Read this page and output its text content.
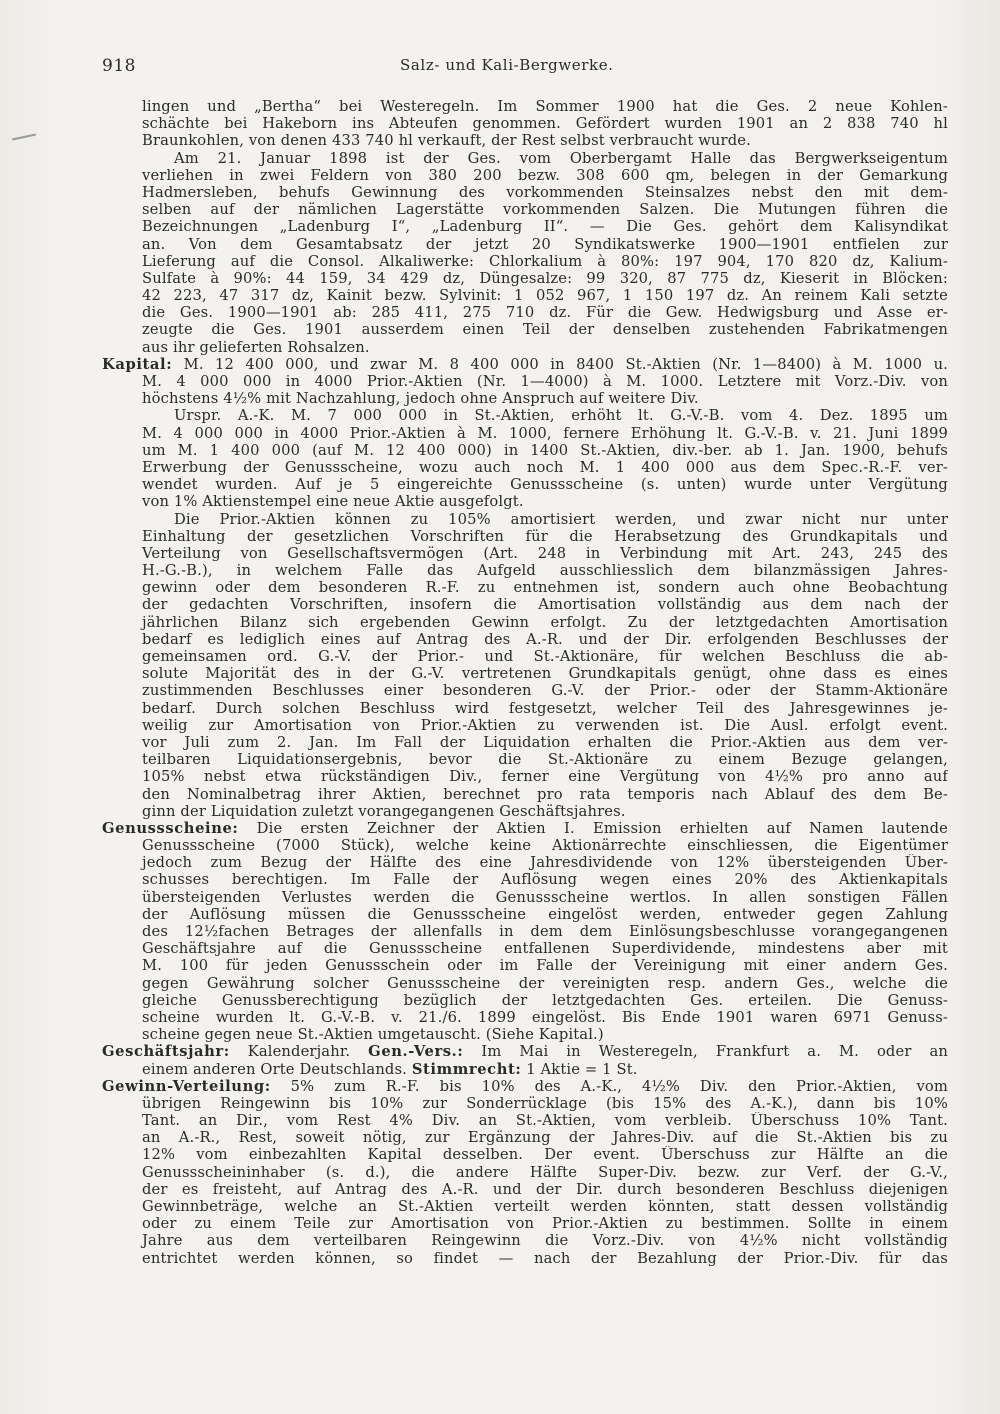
918	Salz- und Kali-Bergwerke.
lingen und „Bertha“ bei Westeregeln. Im Sommer 1900 hat die Ges. 2 neue Kohlen-
schächte bei Hakeborn ins Abteufen genommen. Gefördert wurden 1901 an 2 838 740 hl
Braunkohlen, von denen 433 740 hl verkauft, der Rest selbst verbraucht wurde.
Am 21. Januar 1898 ist der Ges. vom Oberbergamt Halle das Bergwerkseigentum
verliehen in zwei Feldern von 380 200 bezw. 308 600 qm, belegen in der Gemarkung
Hadmersleben, behufs Gewinnung des vorkommenden Steinsalzes nebst den mit dem-
selben auf der nämlichen Lagerstätte vorkommenden Salzen. Die Mutungen führen die
Bezeichnungen „Ladenburg I“, „Ladenburg II“. — Die Ges. gehört dem Kalisyndikat
an. Von dem Gesamtabsatz der jetzt 20 Syndikatswerke 1900—1901 entfielen zur
Lieferung auf die Consol. Alkaliwerke: Chlorkalium à 80%: 197 904, 170 820 dz, Kalium-
Sulfate à 90%: 44 159, 34 429 dz, Düngesalze: 99 320, 87 775 dz, Kieserit in Blöcken:
42 223, 47 317 dz, Kainit bezw. Sylvinit: 1 052 967, 1 150 197 dz. An reinem Kali setzte
die Ges. 1900—1901 ab: 285 411, 275 710 dz. Für die Gew. Hedwigsburg und Asse er-
zeugte die Ges. 1901 ausserdem einen Teil der denselben zustehenden Fabrikatmengen
aus ihr gelieferten Rohsalzen.
Kapital: M. 12 400 000, und zwar M. 8 400 000 in 8400 St.-Aktien (Nr. 1—8400) à M. 1000 u.
M. 4 000 000 in 4000 Prior.-Aktien (Nr. 1—4000) à M. 1000. Letztere mit Vorz.-Div. von
höchstens 4½% mit Nachzahlung, jedoch ohne Anspruch auf weitere Div.
Urspr. A.-K. M. 7 000 000 in St.-Aktien, erhöht lt. G.-V.-B. vom 4. Dez. 1895 um
M. 4 000 000 in 4000 Prior.-Aktien à M. 1000, fernere Erhöhung lt. G.-V.-B. v. 21. Juni 1899
um M. 1 400 000 (auf M. 12 400 000) in 1400 St.-Aktien, div.-ber. ab 1. Jan. 1900, behufs
Erwerbung der Genussscheine, wozu auch noch M. 1 400 000 aus dem Spec.-R.-F. ver-
wendet wurden. Auf je 5 eingereichte Genussscheine (s. unten) wurde unter Vergütung
von 1% Aktienstempel eine neue Aktie ausgefolgt.
Die Prior.-Aktien können zu 105% amortisiert werden, und zwar nicht nur unter
Einhaltung der gesetzlichen Vorschriften für die Herabsetzung des Grundkapitals und
Verteilung von Gesellschaftsvermögen (Art. 248 in Verbindung mit Art. 243, 245 des
H.-G.-B.), in welchem Falle das Aufgeld ausschliesslich dem bilanzmässigen Jahres-
gewinn oder dem besonderen R.-F. zu entnehmen ist, sondern auch ohne Beobachtung
der gedachten Vorschriften, insofern die Amortisation vollständig aus dem nach der
jährlichen Bilanz sich ergebenden Gewinn erfolgt. Zu der letztgedachten Amortisation
bedarf es lediglich eines auf Antrag des A.-R. und der Dir. erfolgenden Beschlusses der
gemeinsamen ord. G.-V. der Prior.- und St.-Aktionäre, für welchen Beschluss die ab-
solute Majorität des in der G.-V. vertretenen Grundkapitals genügt, ohne dass es eines
zustimmenden Beschlusses einer besonderen G.-V. der Prior.- oder der Stamm-Aktionäre
bedarf. Durch solchen Beschluss wird festgesetzt, welcher Teil des Jahresgewinnes je-
weilig zur Amortisation von Prior.-Aktien zu verwenden ist. Die Ausl. erfolgt event.
vor Juli zum 2. Jan. Im Fall der Liquidation erhalten die Prior.-Aktien aus dem ver-
teilbaren Liquidationsergebnis, bevor die St.-Aktionäre zu einem Bezuge gelangen,
105% nebst etwa rückständigen Div., ferner eine Vergütung von 4½% pro anno auf
den Nominalbetrag ihrer Aktien, berechnet pro rata temporis nach Ablauf des dem Be-
ginn der Liquidation zuletzt vorangegangenen Geschäftsjahres.
Genussscheine: Die ersten Zeichner der Aktien I. Emission erhielten auf Namen lautende
Genussscheine (7000 Stück), welche keine Aktionärrechte einschliessen, die Eigentümer
jedoch zum Bezug der Hälfte des eine Jahresdividende von 12% übersteigenden Über-
schusses berechtigen. Im Falle der Auflösung wegen eines 20% des Aktienkapitals
übersteigenden Verlustes werden die Genussscheine wertlos. In allen sonstigen Fällen
der Auflösung müssen die Genussscheine eingelöst werden, entweder gegen Zahlung
des 12½fachen Betrages der allenfalls in dem dem Einlösungsbeschlusse vorangegangenen
Geschäftsjahre auf die Genussscheine entfallenen Superdividende, mindestens aber mit
M. 100 für jeden Genussschein oder im Falle der Vereinigung mit einer andern Ges.
gegen Gewährung solcher Genussscheine der vereinigten resp. andern Ges., welche die
gleiche Genussberechtigung bezüglich der letztgedachten Ges. erteilen. Die Genuss-
scheine wurden lt. G.-V.-B. v. 21./6. 1899 eingelöst. Bis Ende 1901 waren 6971 Genuss-
scheine gegen neue St.-Aktien umgetauscht. (Siehe Kapital.)
Geschäftsjahr: Kalenderjahr. Gen.-Vers.: Im Mai in Westeregeln, Frankfurt a. M. oder an
einem anderen Orte Deutschlands. Stimmrecht: 1 Aktie = 1 St.
Gewinn-Verteilung: 5% zum R.-F. bis 10% des A.-K., 4½% Div. den Prior.-Aktien, vom
übrigen Reingewinn bis 10% zur Sonderrücklage (bis 15% des A.-K.), dann bis 10%
Tant. an Dir., vom Rest 4% Div. an St.-Aktien, vom verbleib. Überschuss 10% Tant.
an A.-R., Rest, soweit nötig, zur Ergänzung der Jahres-Div. auf die St.-Aktien bis zu
12% vom einbezahlten Kapital desselben. Der event. Überschuss zur Hälfte an die
Genussscheininhaber (s. d.), die andere Hälfte Super-Div. bezw. zur Verf. der G.-V.,
der es freisteht, auf Antrag des A.-R. und der Dir. durch besonderen Beschluss diejenigen
Gewinnbeträge, welche an St.-Aktien verteilt werden könnten, statt dessen vollständig
oder zu einem Teile zur Amortisation von Prior.-Aktien zu bestimmen. Sollte in einem
Jahre aus dem verteilbaren Reingewinn die Vorz.-Div. von 4½% nicht vollständig
entrichtet werden können, so findet — nach der Bezahlung der Prior.-Div. für das
